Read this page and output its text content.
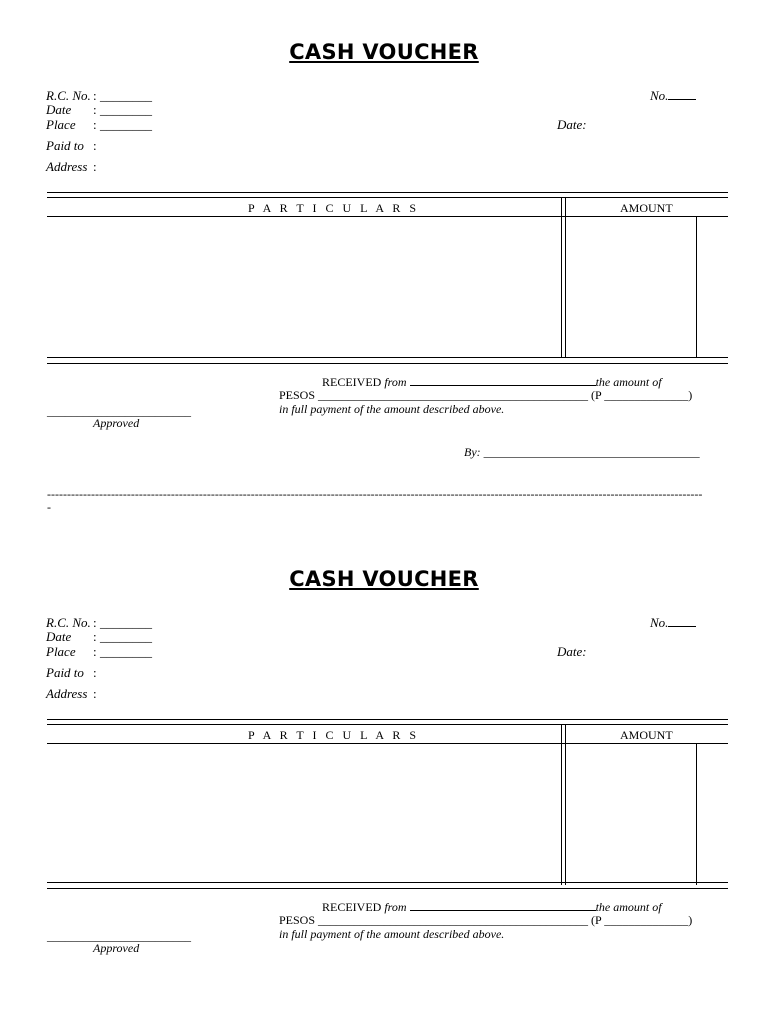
CASH VOUCHER
R.C. No. : ________
Date : ________
Place : ________
Paid to :
Address :
No.
Date:
P A R T I C U L A R S	AMOUNT
RECEIVED from	the amount of
PESOS _____________________________________________ (P ______________)
in full payment of the amount described above.
________________________
Approved
By: ____________________________________
--------------------------------------------------------------------------------------------------------------------------------------------------------------------
-
CASH VOUCHER
R.C. No. : ________
Date : ________
Place : ________
Paid to :
Address :
No.
Date:
P A R T I C U L A R S	AMOUNT
RECEIVED from	the amount of
PESOS _____________________________________________ (P ______________)
in full payment of the amount described above.
________________________
Approved
